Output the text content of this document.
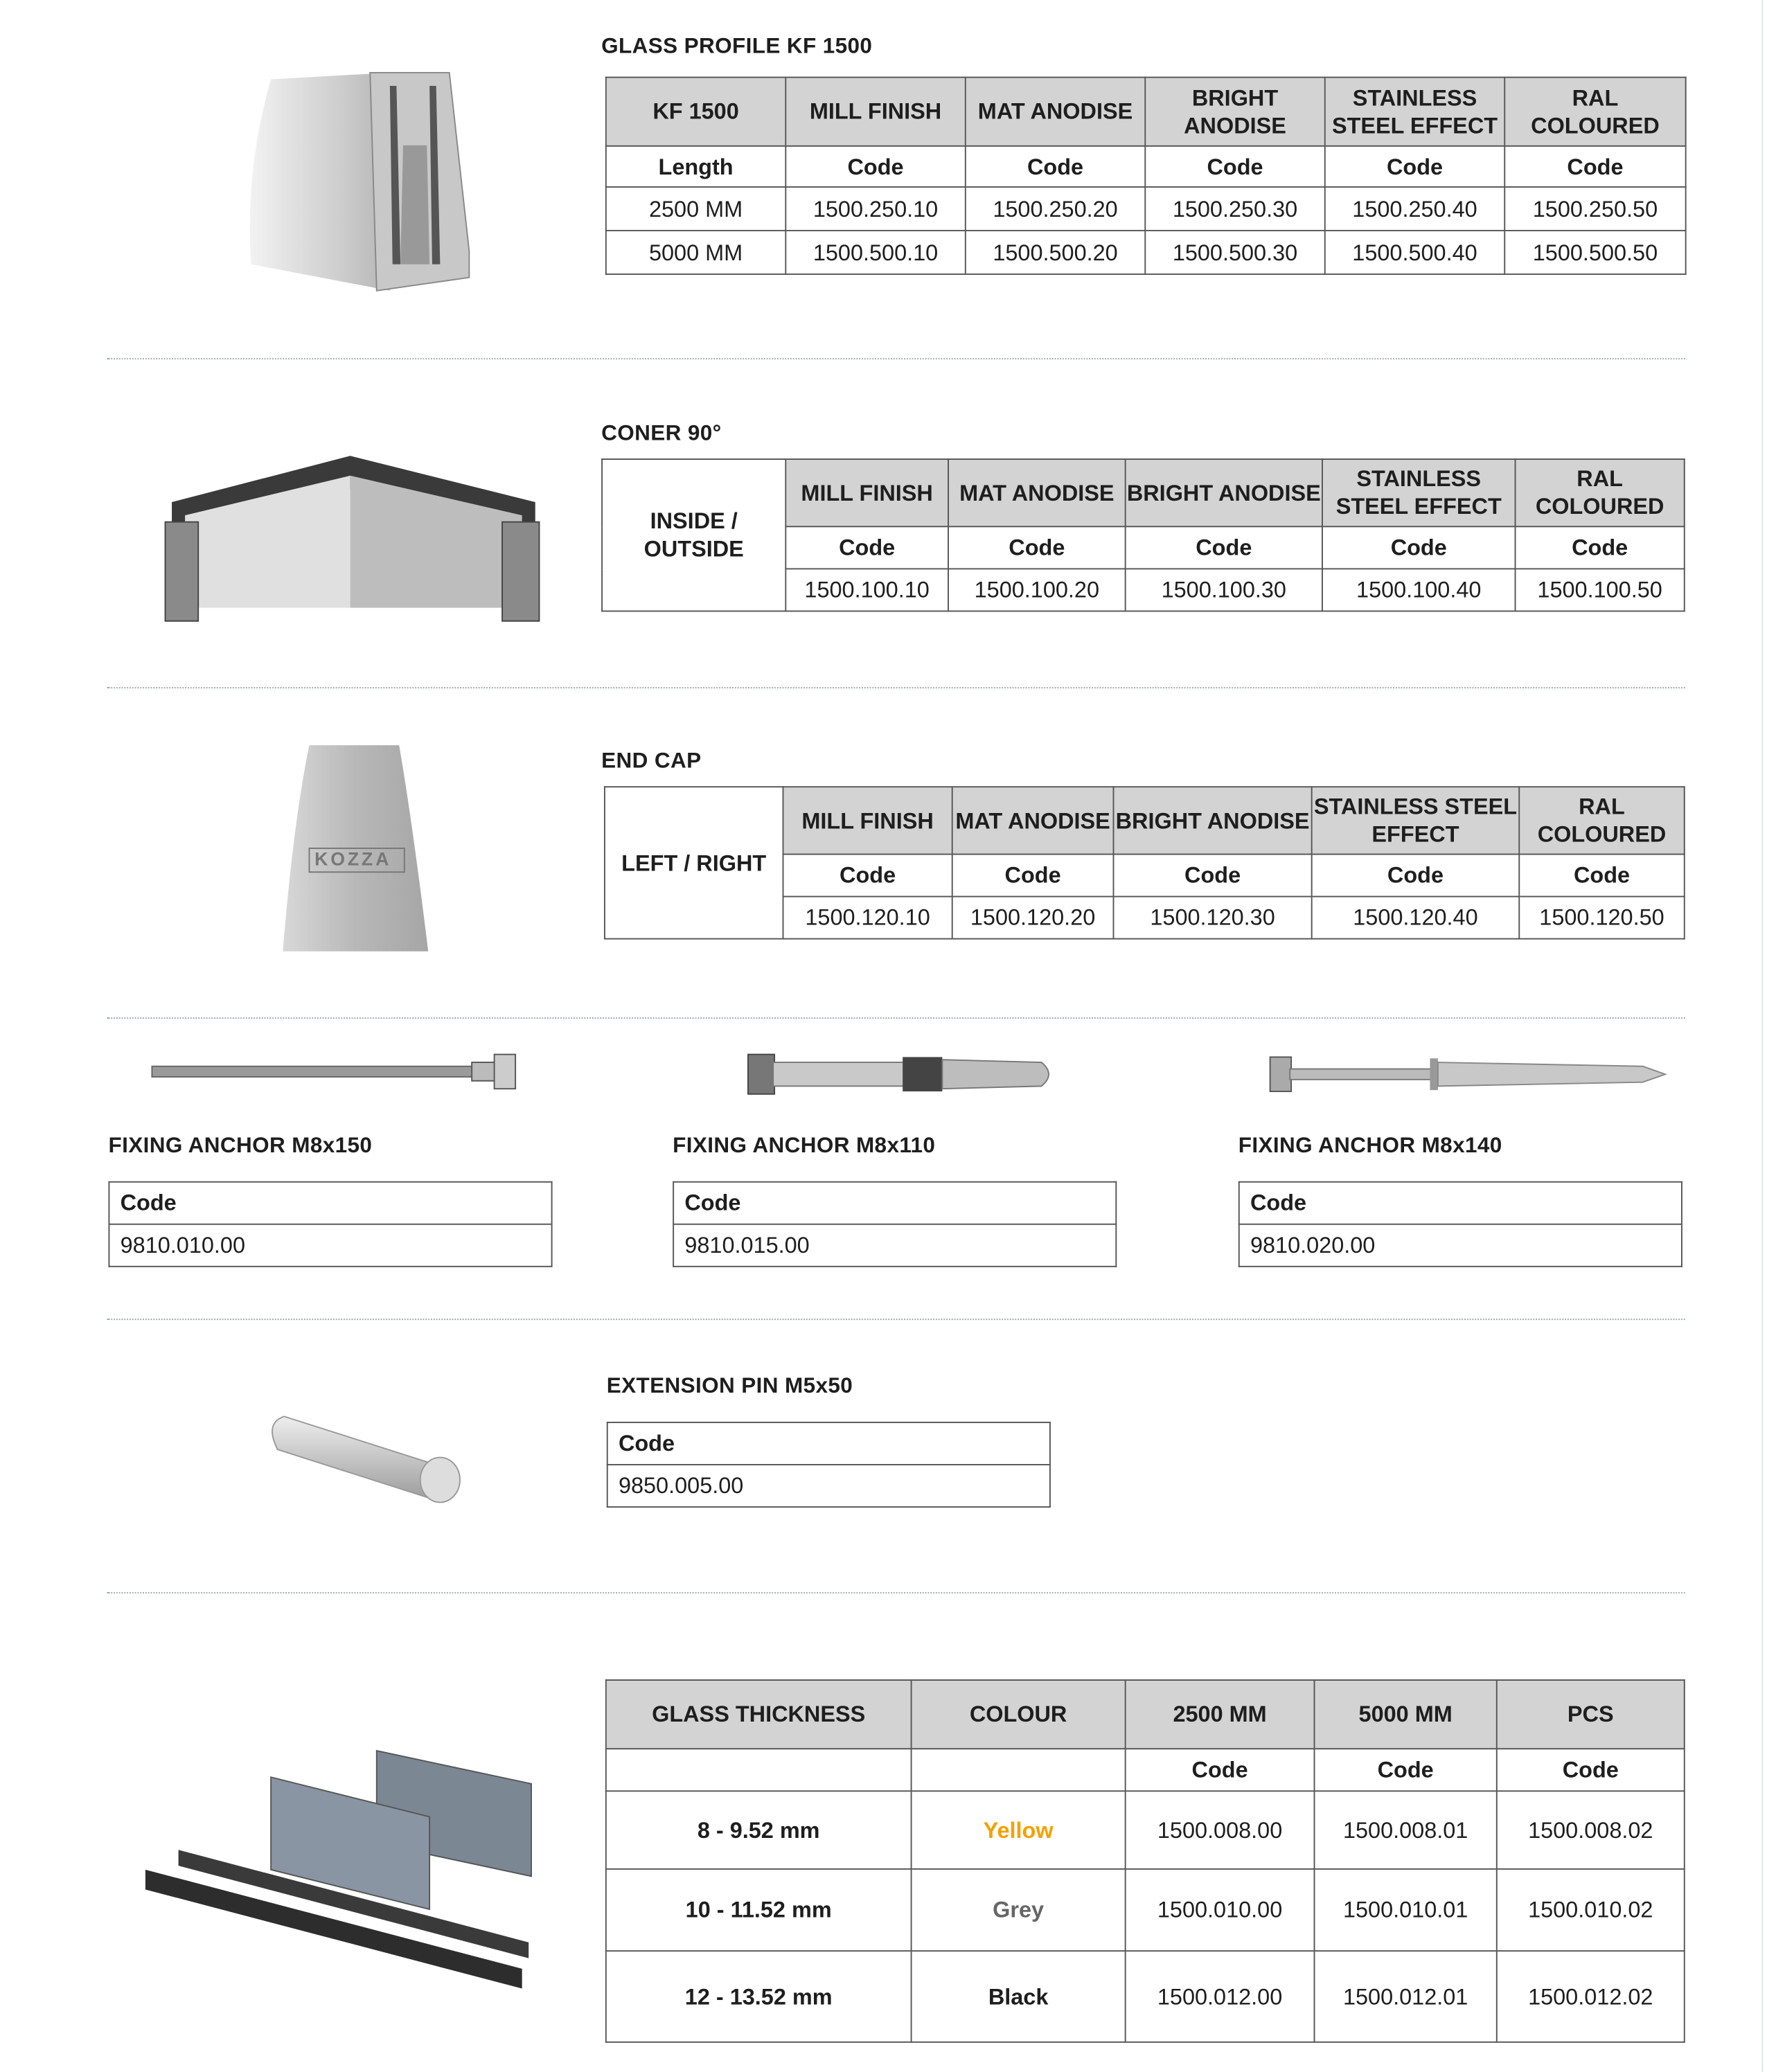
GLASS PROFILE KF 1500
KF 1500	MILL FINISH	MAT ANODISE	BRIGHT ANODISE	STAINLESS STEEL EFFECT	RAL COLOURED
Length	Code	Code	Code	Code	Code
2500 MM	1500.250.10	1500.250.20	1500.250.30	1500.250.40	1500.250.50
5000 MM	1500.500.10	1500.500.20	1500.500.30	1500.500.40	1500.500.50
CONER 90°
INSIDE / OUTSIDE	MILL FINISH	MAT ANODISE	BRIGHT ANODISE	STAINLESS STEEL EFFECT	RAL COLOURED
	Code	Code	Code	Code	Code
	1500.100.10	1500.100.20	1500.100.30	1500.100.40	1500.100.50
KOZZA
END CAP
LEFT / RIGHT	MILL FINISH	MAT ANODISE	BRIGHT ANODISE	STAINLESS STEEL EFFECT	RAL COLOURED
	Code	Code	Code	Code	Code
	1500.120.10	1500.120.20	1500.120.30	1500.120.40	1500.120.50
FIXING ANCHOR M8x150	FIXING ANCHOR M8x110	FIXING ANCHOR M8x140
Code
9810.010.00
Code
9810.015.00
Code
9810.020.00
EXTENSION PIN M5x50
Code
9850.005.00
GLASS THICKNESS	COLOUR	2500 MM	5000 MM	PCS
		Code	Code	Code
8 - 9.52 mm	Yellow	1500.008.00	1500.008.01	1500.008.02
10 - 11.52 mm	Grey	1500.010.00	1500.010.01	1500.010.02
12 - 13.52 mm	Black	1500.012.00	1500.012.01	1500.012.02
